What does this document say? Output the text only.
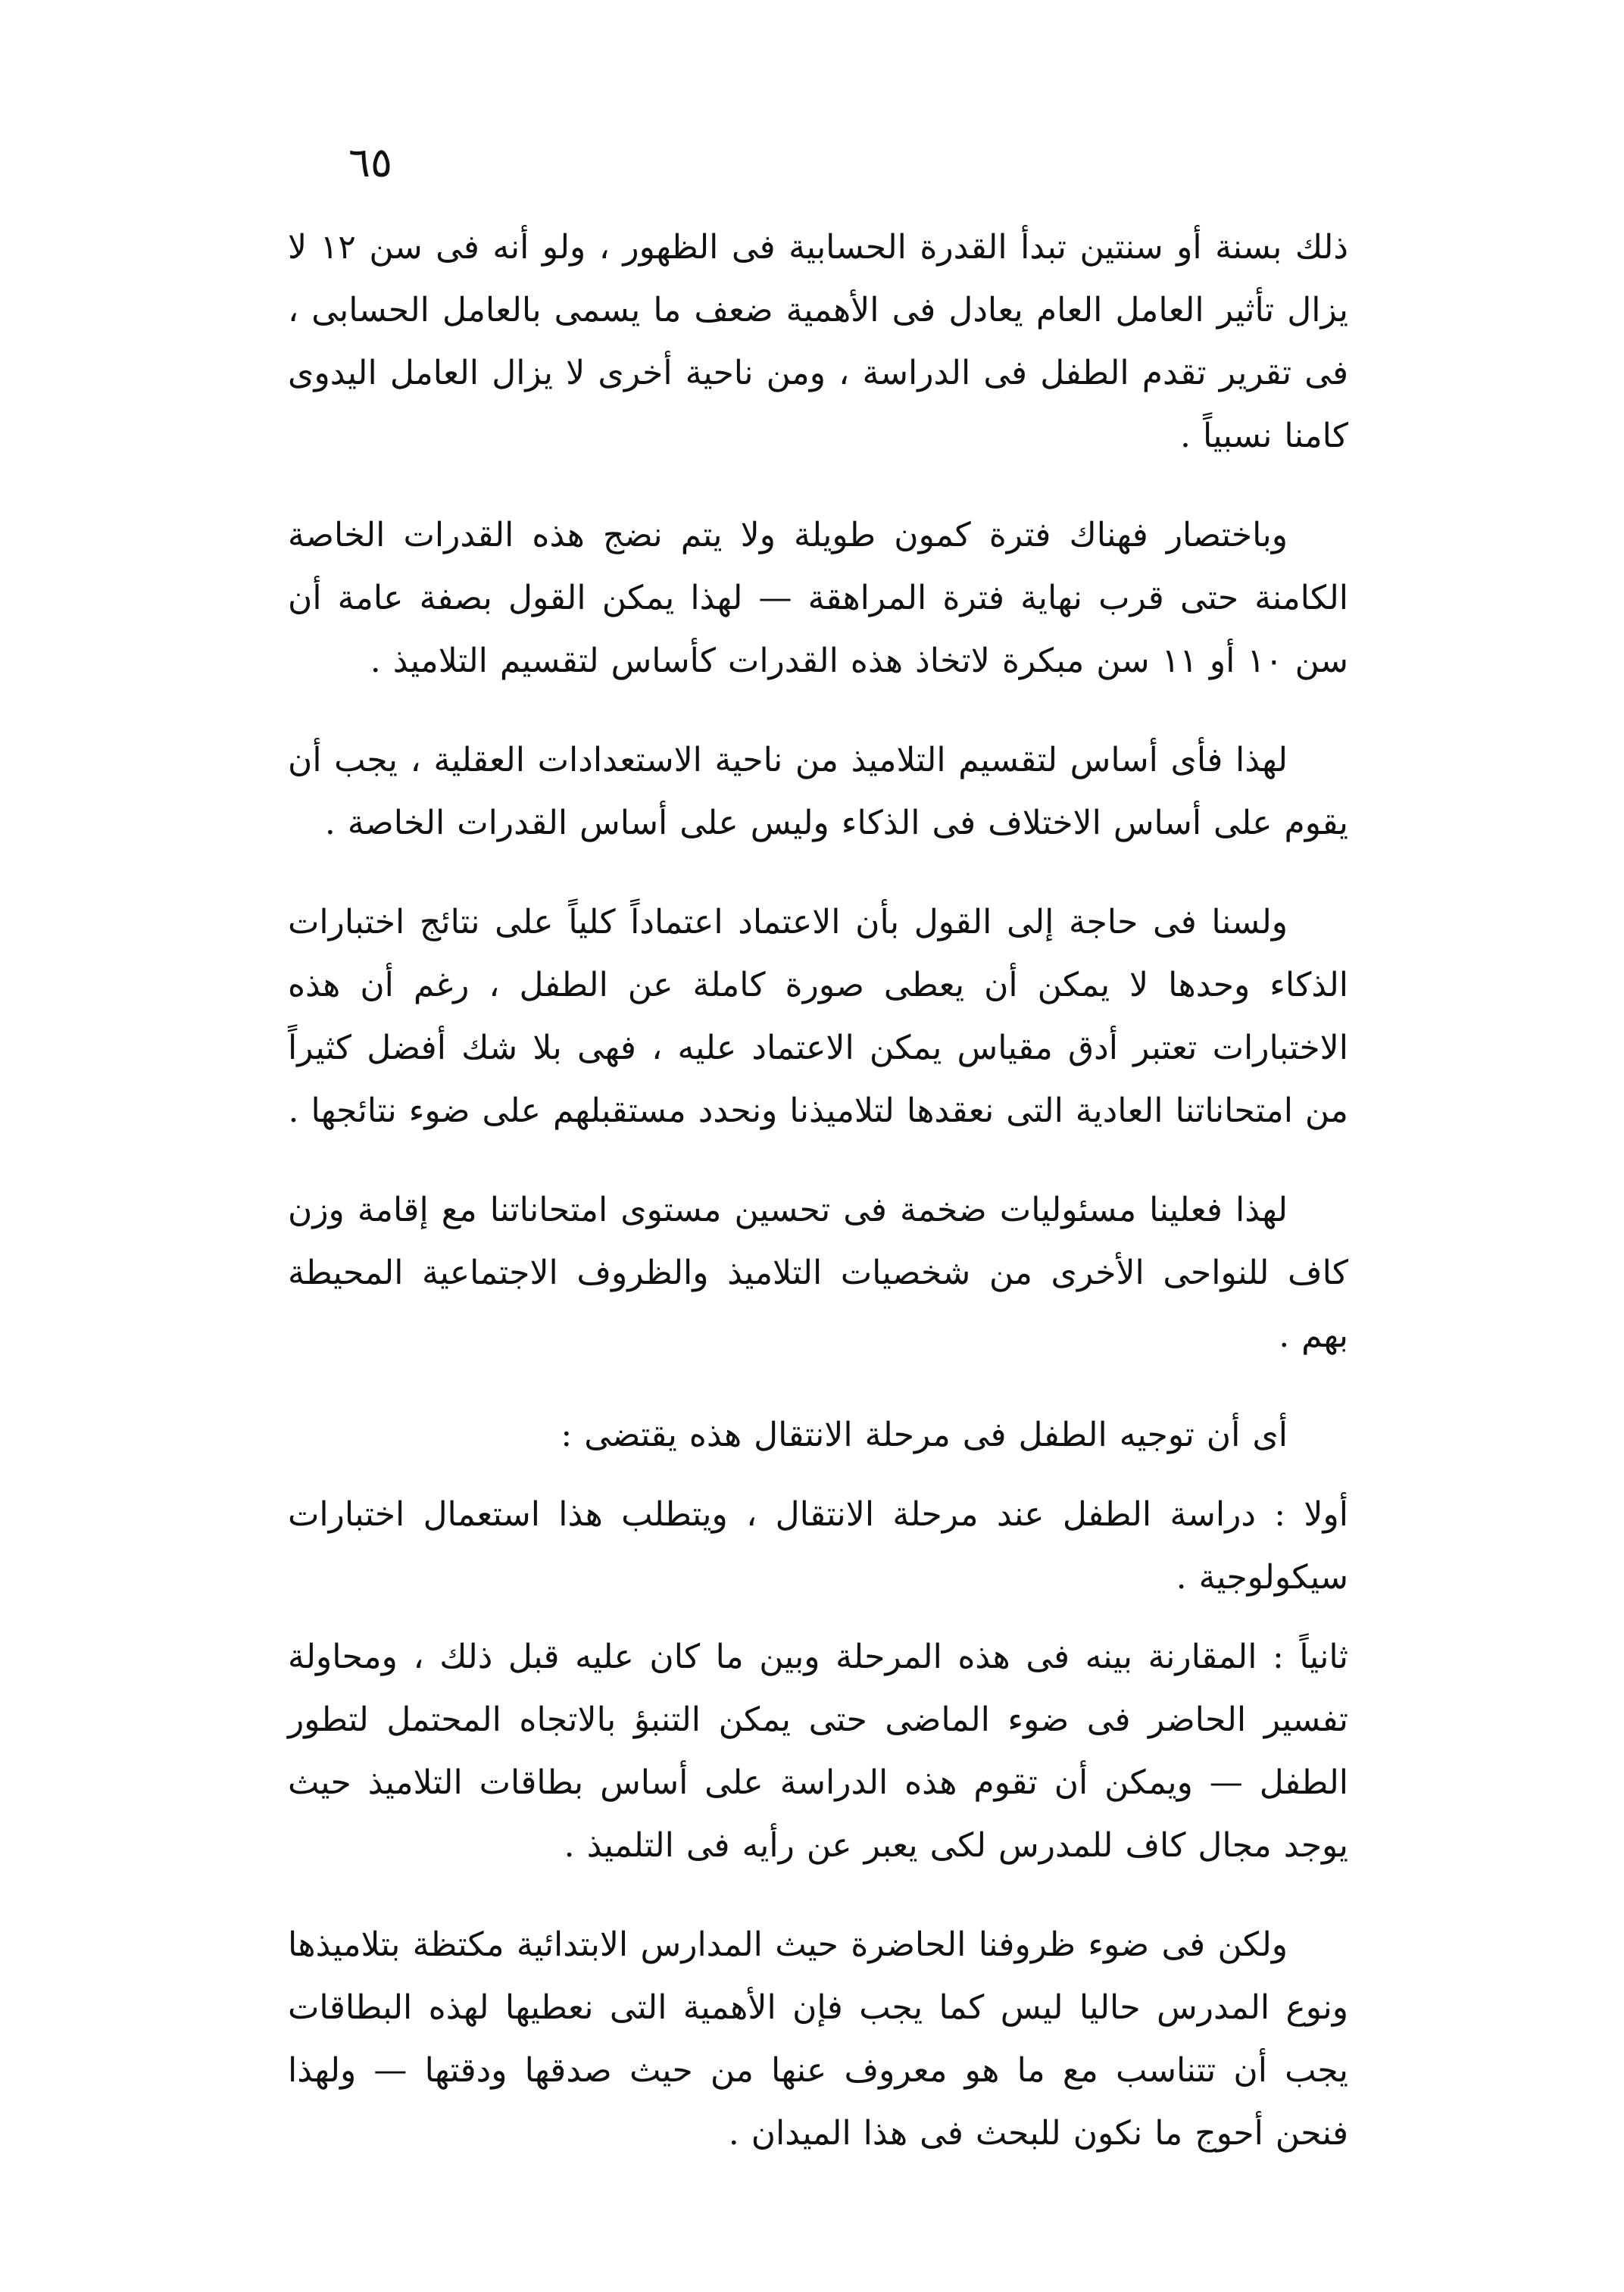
٦٥

ذلك بسنة أو سنتين تبدأ القدرة الحسابية فى الظهور ، ولو أنه فى سن ١٢ لا يزال تأثير العامل العام يعادل فى الأهمية ضعف ما يسمى بالعامل الحسابى ، فى تقرير تقدم الطفل فى الدراسة ، ومن ناحية أخرى لا يزال العامل اليدوى كامنا نسبياً .

وباختصار فهناك فترة كمون طويلة ولا يتم نضج هذه القدرات الخاصة الكامنة حتى قرب نهاية فترة المراهقة — لهذا يمكن القول بصفة عامة أن سن ١٠ أو ١١ سن مبكرة لاتخاذ هذه القدرات كأساس لتقسيم التلاميذ .

لهذا فأى أساس لتقسيم التلاميذ من ناحية الاستعدادات العقلية ، يجب أن يقوم على أساس الاختلاف فى الذكاء وليس على أساس القدرات الخاصة .

ولسنا فى حاجة إلى القول بأن الاعتماد اعتماداً كلياً على نتائج اختبارات الذكاء وحدها لا يمكن أن يعطى صورة كاملة عن الطفل ، رغم أن هذه الاختبارات تعتبر أدق مقياس يمكن الاعتماد عليه ، فهى بلا شك أفضل كثيراً من امتحاناتنا العادية التى نعقدها لتلاميذنا ونحدد مستقبلهم على ضوء نتائجها .

لهذا فعلينا مسئوليات ضخمة فى تحسين مستوى امتحاناتنا مع إقامة وزن كاف للنواحى الأخرى من شخصيات التلاميذ والظروف الاجتماعية المحيطة بهم .

أى أن توجيه الطفل فى مرحلة الانتقال هذه يقتضى :

أولا : دراسة الطفل عند مرحلة الانتقال ، ويتطلب هذا استعمال اختبارات سيكولوجية .

ثانياً : المقارنة بينه فى هذه المرحلة وبين ما كان عليه قبل ذلك ، ومحاولة تفسير الحاضر فى ضوء الماضى حتى يمكن التنبؤ بالاتجاه المحتمل لتطور الطفل — ويمكن أن تقوم هذه الدراسة على أساس بطاقات التلاميذ حيث يوجد مجال كاف للمدرس لكى يعبر عن رأيه فى التلميذ .

ولكن فى ضوء ظروفنا الحاضرة حيث المدارس الابتدائية مكتظة بتلاميذها ونوع المدرس حاليا ليس كما يجب فإن الأهمية التى نعطيها لهذه البطاقات يجب أن تتناسب مع ما هو معروف عنها من حيث صدقها ودقتها — ولهذا فنحن أحوج ما نكون للبحث فى هذا الميدان .
